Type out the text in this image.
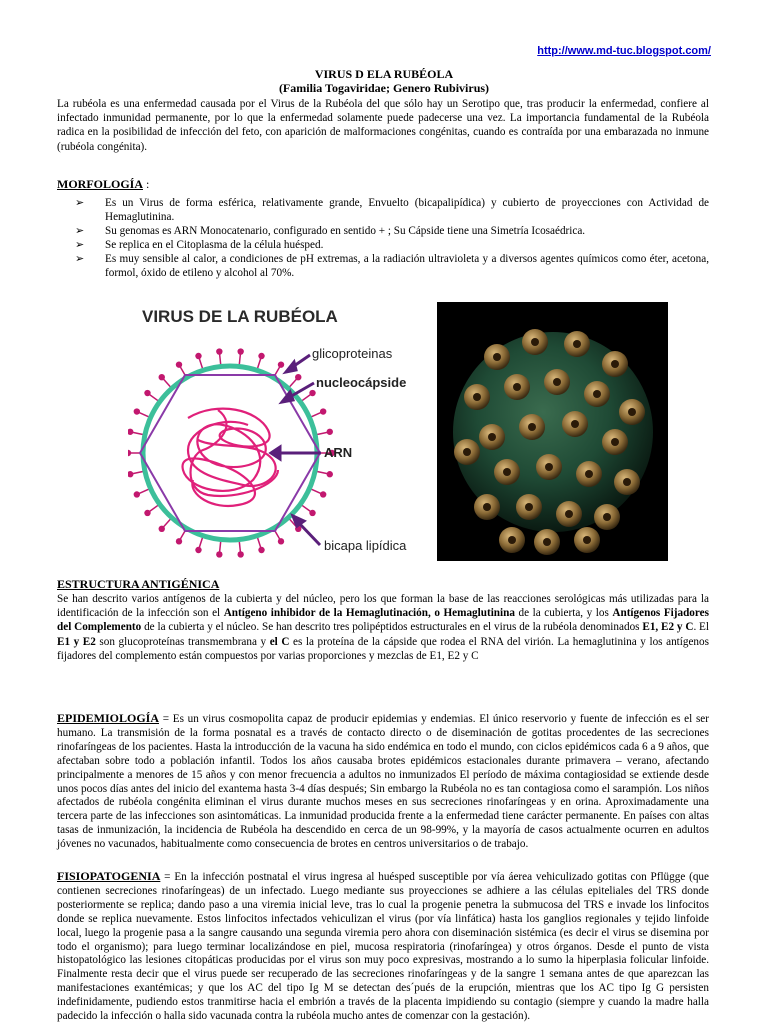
http://www.md-tuc.blogspot.com/
VIRUS D ELA RUBÉOLA
(Familia Togaviridae; Genero Rubivirus)

La rubéola es una enfermedad causada por el Virus de la Rubéola del que sólo hay un Serotipo que, tras producir la enfermedad, confiere al infectado inmunidad permanente, por lo que la enfermedad solamente puede padecerse una vez. La importancia fundamental de la Rubéola radica en la posibilidad de infección del feto, con aparición de malformaciones congénitas, cuando es contraída por una embarazada no inmune (rubéola congénita).

MORFOLOGÍA :
➢ Es un Virus de forma esférica, relativamente grande, Envuelto (bicapalipídica) y cubierto de proyecciones con Actividad de Hemaglutinina.
➢ Su genomas es ARN Monocatenario, configurado en sentido + ; Su Cápside tiene una Simetría Icosaédrica.
➢ Se replica en el Citoplasma de la célula huésped.
➢ Es muy sensible al calor, a condiciones de pH extremas, a la radiación ultravioleta y a diversos agentes químicos como éter, acetona, formol, óxido de etileno y alcohol al 70%.
VIRUS DE LA RUBÉOLA
glicoproteinas
nucleocápside
ARN
bicapa lipídica
ESTRUCTURA ANTIGÉNICA

Se han descrito varios antígenos de la cubierta y del núcleo, pero los que forman la base de las reacciones serológicas más utilizadas para la identificación de la infección son el Antígeno inhibidor de la Hemaglutinación, o Hemaglutinina de la cubierta, y los Antígenos Fijadores del Complemento de la cubierta y el núcleo. Se han descrito tres polipéptidos estructurales en el virus de la rubéola denominados E1, E2 y C. El E1 y E2 son glucoproteínas transmembrana y el C es la proteína de la cápside que rodea el RNA del virión. La hemaglutinina y los antígenos fijadores del complemento están compuestos por varias proporciones y mezclas de E1, E2 y C

EPIDEMIOLOGÍA = Es un virus cosmopolita capaz de producir epidemias y endemias. El único reservorio y fuente de infección es el ser humano. La transmisión de la forma posnatal es a través de contacto directo o de diseminación de gotitas procedentes de las secreciones rinofaríngeas de los pacientes. Hasta la introducción de la vacuna ha sido endémica en todo el mundo, con ciclos epidémicos cada 6 a 9 años, que afectaban sobre todo a población infantil. Todos los años causaba brotes epidémicos estacionales durante primavera – verano, afectando principalmente a menores de 15 años y con menor frecuencia a adultos no inmunizados El período de máxima contagiosidad se extiende desde unos pocos días antes del inicio del exantema hasta 3-4 días después; Sin embargo la Rubéola no es tan contagiosa como el sarampión. Los niños afectados de rubéola congénita eliminan el virus durante muchos meses en sus secreciones rinofaríngeas y en orina. Aproximadamente una tercera parte de las infecciones son asintomáticas. La inmunidad producida frente a la enfermedad tiene carácter permanente. En países con altas tasas de inmunización, la incidencia de Rubéola ha descendido en cerca de un 98-99%, y la mayoría de casos actualmente ocurren en adultos jóvenes no vacunados, habitualmente como consecuencia de brotes en centros universitarios o de trabajo.

FISIOPATOGENIA = En la infección postnatal el virus ingresa al huésped susceptible por vía áerea vehiculizado gotitas con Pflügge (que contienen secreciones rinofaríngeas) de un infectado. Luego mediante sus proyecciones se adhiere a las células epiteliales del TRS donde posteriormente se replica; dando paso a una viremia inicial leve, tras lo cual la progenie penetra la submucosa del TRS e invade los linfocitos donde se replica nuevamente. Estos linfocitos infectados vehiculizan el virus (por vía linfática) hasta los ganglios regionales y tejido linfoide local, luego la progenie pasa a la sangre causando una segunda viremia pero ahora con diseminación sistémica (es decir el virus se disemina por todo el organismo); para luego terminar localizándose en piel, mucosa respiratoria (rinofaríngea) y otros órganos. Desde el punto de vista histopatológico las lesiones citopáticas producidas por el virus son muy poco expresivas, mostrando a lo sumo la hiperplasia folicular linfoide. Finalmente resta decir que el virus puede ser recuperado de las secreciones rinofaríngeas y de la sangre 1 semana antes de que aparezcan las manifestaciones exantémicas; y que los AC del tipo Ig M se detectan des´pués de la erupción, mientras que los AC tipo Ig G persisten indefinidamente, pudiendo estos tranmitirse hacia el embrión a través de la placenta impidiendo su contagio (siempre y cuando la madre halla padecido la infección o halla sido vacunada contra la rubéola mucho antes de comenzar con la gestación).
